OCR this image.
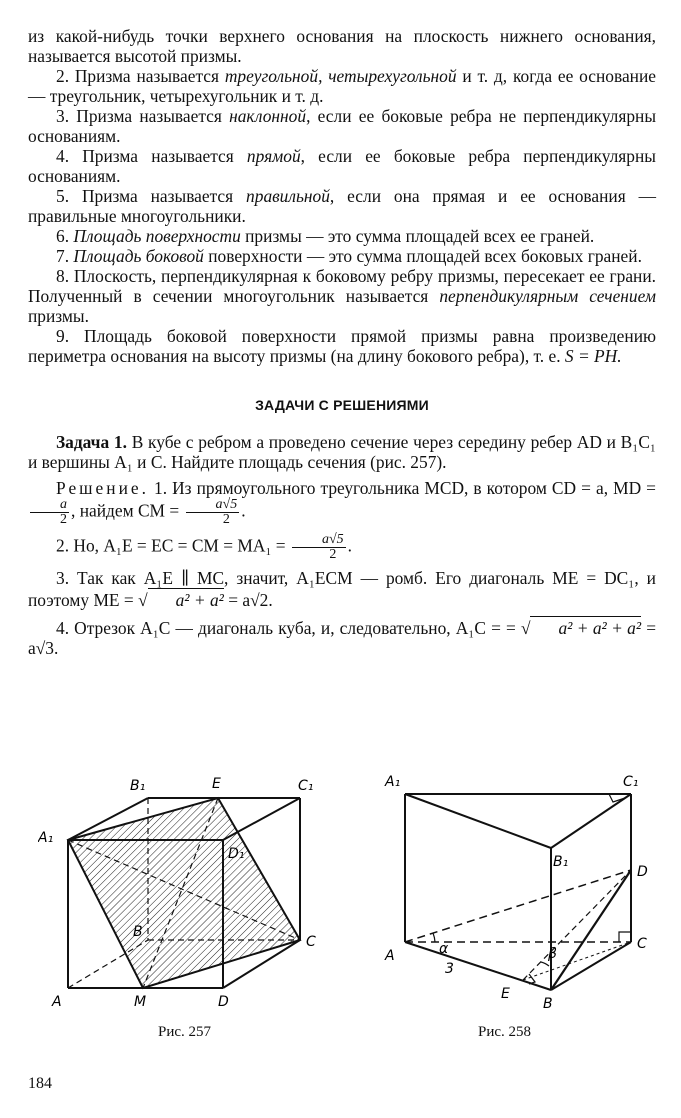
из какой-нибудь точки верхнего основания на плоскость нижнего основания, называется высотой призмы.

2. Призма называется треугольной, четырехугольной и т. д, когда ее основание — треугольник, четырехугольник и т. д.

3. Призма называется наклонной, если ее боковые ребра не перпендикулярны основаниям.

4. Призма называется прямой, если ее боковые ребра перпендикулярны основаниям.

5. Призма называется правильной, если она прямая и ее основания — правильные многоугольники.

6. Площадь поверхности призмы — это сумма площадей всех ее граней.

7. Площадь боковой поверхности — это сумма площадей всех боковых граней.

8. Плоскость, перпендикулярная к боковому ребру призмы, пересекает ее грани. Полученный в сечении многоугольник называется перпендикулярным сечением призмы.

9. Площадь боковой поверхности прямой призмы равна произведению периметра основания на высоту призмы (на длину бокового ребра), т. е. S = PH.

ЗАДАЧИ С РЕШЕНИЯМИ

Задача 1. В кубе с ребром a проведено сечение через середину ребер AD и B₁C₁ и вершины A₁ и C. Найдите площадь сечения (рис. 257).

Решение. 1. Из прямоугольного треугольника MCD, в котором CD = a, MD =
$\frac{a}{2}$ , найдем CM = $\frac{a√5}{2}$ .

2. Но, A₁E = EC = CM = $MA_1 = \frac{a√5}{2}$ .

3. Так как A₁E ∥ MC, значит, A₁ECM — ромб. Его диагональ ME = DC₁, и поэтому ME = √ a² + a² = a√2.

4. Отрезок A₁C — диагональ куба, и, следовательно, A₁C = = √ a² + a² + a² = a√3.

B₁	E	C₁
A₁
D₁
B
C
A	M	D
Рис. 257
A₁	C₁
B₁
D
A
C
α	β
3
E
B
Рис. 258
184
